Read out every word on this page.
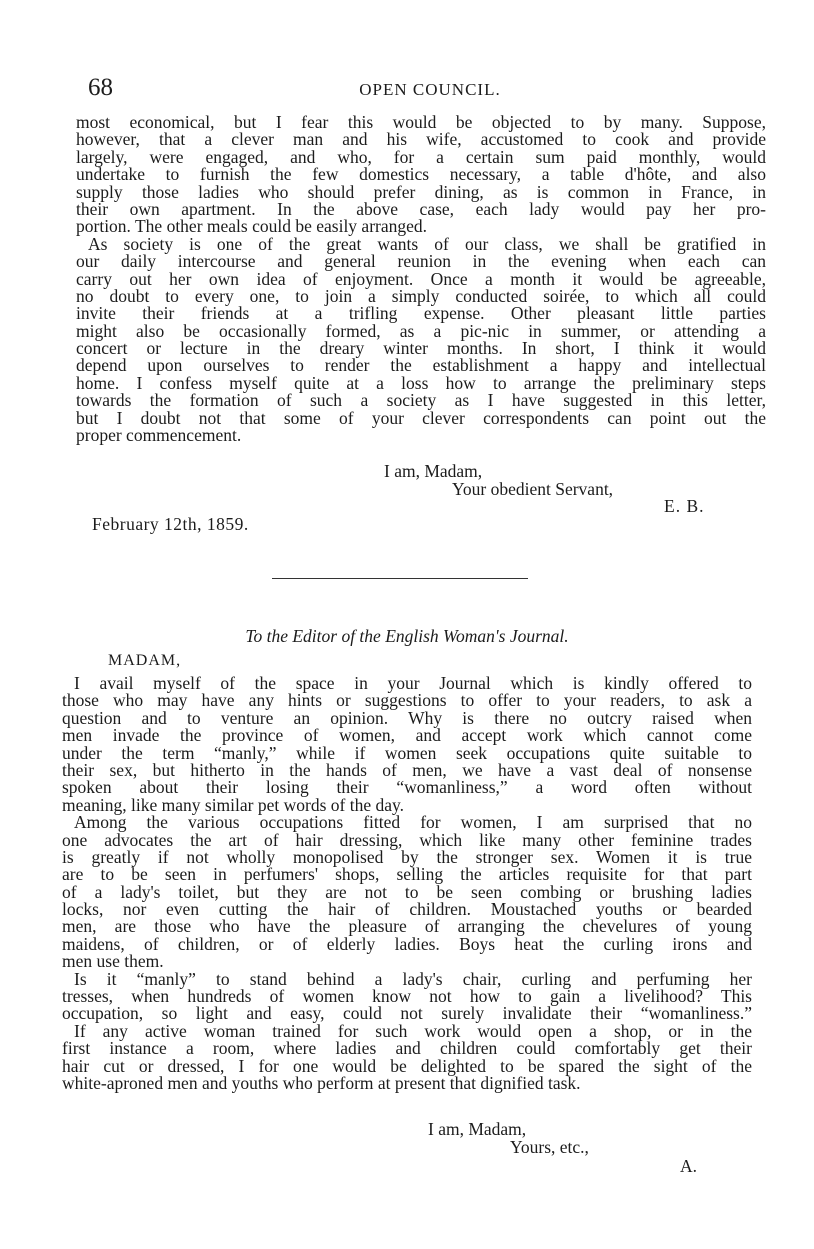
68	OPEN COUNCIL.

most economical, but I fear this would be objected to by many. Suppose,

however, that a clever man and his wife, accustomed to cook and provide

largely, were engaged, and who, for a certain sum paid monthly, would

undertake to furnish the few domestics necessary, a table d'hôte, and also

supply those ladies who should prefer dining, as is common in France, in

their own apartment. In the above case, each lady would pay her pro-

portion. The other meals could be easily arranged.

As society is one of the great wants of our class, we shall be gratified in

our daily intercourse and general reunion in the evening when each can

carry out her own idea of enjoyment. Once a month it would be agreeable,

no doubt to every one, to join a simply conducted soirée, to which all could

invite their friends at a trifling expense. Other pleasant little parties

might also be occasionally formed, as a pic-nic in summer, or attending a

concert or lecture in the dreary winter months. In short, I think it would

depend upon ourselves to render the establishment a happy and intellectual

home. I confess myself quite at a loss how to arrange the preliminary steps

towards the formation of such a society as I have suggested in this letter,

but I doubt not that some of your clever correspondents can point out the

proper commencement.

I am, Madam,
Your obedient Servant,
E. B.
February 12th, 1859.
To the Editor of the English Woman's Journal.
MADAM,

I avail myself of the space in your Journal which is kindly offered to

those who may have any hints or suggestions to offer to your readers, to ask a

question and to venture an opinion. Why is there no outcry raised when

men invade the province of women, and accept work which cannot come

under the term “manly,” while if women seek occupations quite suitable to

their sex, but hitherto in the hands of men, we have a vast deal of nonsense

spoken about their losing their “womanliness,” a word often without

meaning, like many similar pet words of the day.

Among the various occupations fitted for women, I am surprised that no

one advocates the art of hair dressing, which like many other feminine trades

is greatly if not wholly monopolised by the stronger sex. Women it is true

are to be seen in perfumers' shops, selling the articles requisite for that part

of a lady's toilet, but they are not to be seen combing or brushing ladies

locks, nor even cutting the hair of children. Moustached youths or bearded

men, are those who have the pleasure of arranging the chevelures of young

maidens, of children, or of elderly ladies. Boys heat the curling irons and

men use them.

Is it “manly” to stand behind a lady's chair, curling and perfuming her

tresses, when hundreds of women know not how to gain a livelihood? This

occupation, so light and easy, could not surely invalidate their “womanliness.”

If any active woman trained for such work would open a shop, or in the

first instance a room, where ladies and children could comfortably get their

hair cut or dressed, I for one would be delighted to be spared the sight of the

white-aproned men and youths who perform at present that dignified task.

I am, Madam,
Yours, etc.,
A.
